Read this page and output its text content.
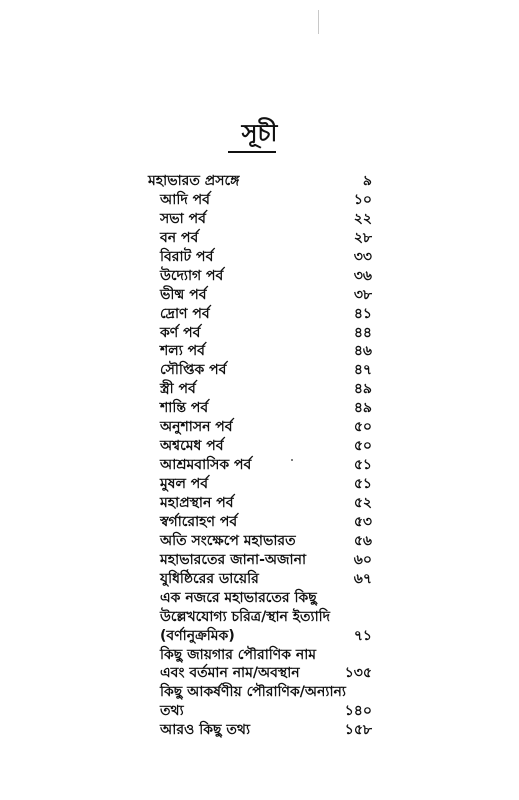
সূচী
মহাভারত প্রসঙ্গে	৯
আদি পর্ব	১০
সভা পর্ব	২২
বন পর্ব	২৮
বিরাট পর্ব	৩৩
উদ্যোগ পর্ব	৩৬
ভীষ্ম পর্ব	৩৮
দ্রোণ পর্ব	৪১
কর্ণ পর্ব	৪৪
শল্য পর্ব	৪৬
সৌপ্তিক পর্ব	৪৭
স্ত্রী পর্ব	৪৯
শান্তি পর্ব	৪৯
অনুশাসন পর্ব	৫০
অশ্বমেধ পর্ব	৫০
আশ্রমবাসিক পর্ব	৫১
মুষল পর্ব	৫১
মহাপ্রস্থান পর্ব	৫২
স্বর্গারোহণ পর্ব	৫৩
অতি সংক্ষেপে মহাভারত	৫৬
মহাভারতের জানা-অজানা	৬০
যুধিষ্ঠিরের ডায়েরি	৬৭
এক নজরে মহাভারতের কিছু
উল্লেখযোগ্য চরিত্র/স্থান ইত্যাদি
(বর্ণানুক্রমিক)	৭১
কিছু জায়গার পৌরাণিক নাম
এবং বর্তমান নাম/অবস্থান	১৩৫
কিছু আকর্ষণীয় পৌরাণিক/অন্যান্য
তথ্য	১৪০
আরও কিছু তথ্য	১৫৮
